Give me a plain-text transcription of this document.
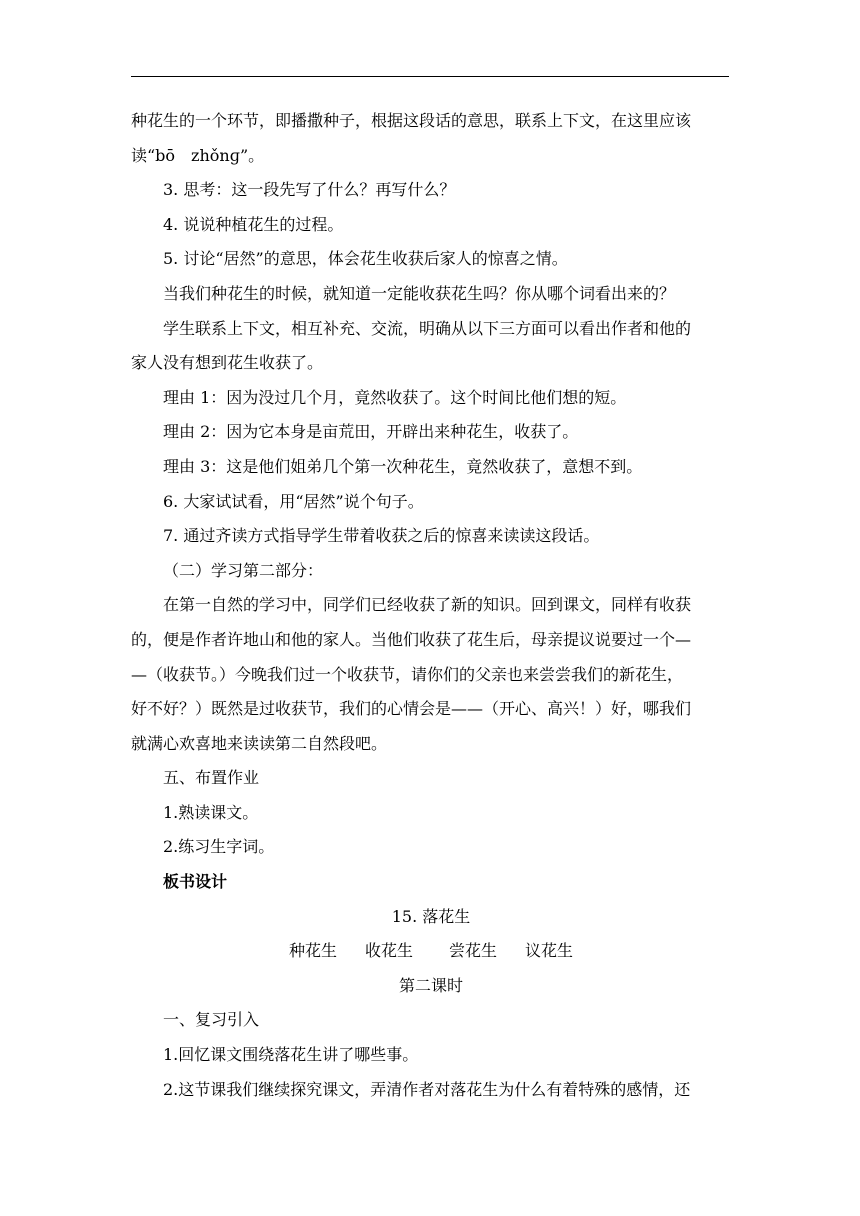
种花生的一个环节，即播撒种子，根据这段话的意思，联系上下文，在这里应该

读“bō　zhǒnɡ”。

3. 思考：这一段先写了什么？再写什么？

4. 说说种植花生的过程。

5. 讨论“居然”的意思，体会花生收获后家人的惊喜之情。

当我们种花生的时候，就知道一定能收获花生吗？你从哪个词看出来的？

学生联系上下文，相互补充、交流，明确从以下三方面可以看出作者和他的

家人没有想到花生收获了。

理由 1：因为没过几个月，竟然收获了。这个时间比他们想的短。

理由 2：因为它本身是亩荒田，开辟出来种花生，收获了。

理由 3：这是他们姐弟几个第一次种花生，竟然收获了，意想不到。

6. 大家试试看，用“居然”说个句子。

7. 通过齐读方式指导学生带着收获之后的惊喜来读读这段话。

（二）学习第二部分：

在第一自然的学习中，同学们已经收获了新的知识。回到课文，同样有收获

的，便是作者许地山和他的家人。当他们收获了花生后，母亲提议说要过一个—

—（收获节。）今晚我们过一个收获节，请你们的父亲也来尝尝我们的新花生，

好不好？）既然是过收获节，我们的心情会是——（开心、高兴！）好，哪我们

就满心欢喜地来读读第二自然段吧。

五、布置作业

1.熟读课文。

2.练习生字词。

板书设计

15. 落花生

种花生 收花生 尝花生 议花生

第二课时

一、复习引入

1.回忆课文围绕落花生讲了哪些事。

2.这节课我们继续探究课文，弄清作者对落花生为什么有着特殊的感情，还
